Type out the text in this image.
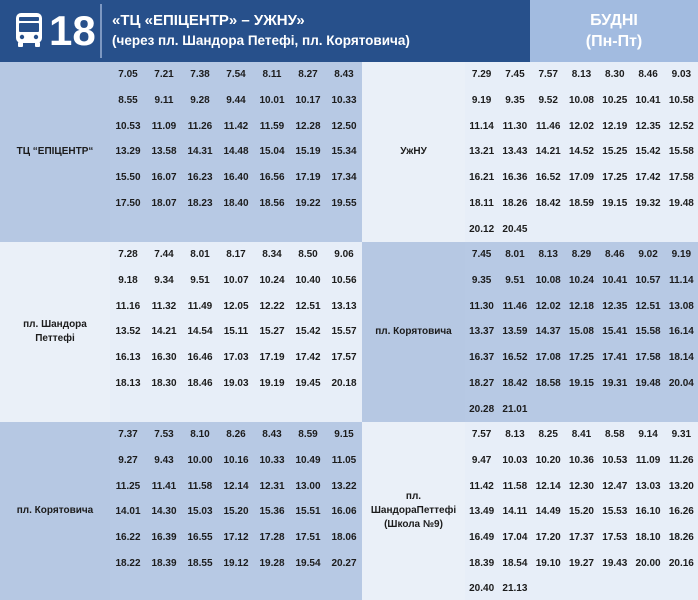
18 «ТЦ «ЕПІЦЕНТР» – УЖНУ»
(через пл. Шандора Петефі, пл. Корятовича)
БУДНІ
(Пн-Пт)
ТЦ “ЕПІЦЕНТР“
7.05	7.21	7.38	7.54	8.11	8.27	8.43
8.55	9.11	9.28	9.44	10.01	10.17	10.33
10.53	11.09	11.26	11.42	11.59	12.28	12.50
13.29	13.58	14.31	14.48	15.04	15.19	15.34
15.50	16.07	16.23	16.40	16.56	17.19	17.34
17.50	18.07	18.23	18.40	18.56	19.22	19.55
УжНУ
7.29	7.45	7.57	8.13	8.30	8.46	9.03
9.19	9.35	9.52	10.08 10.25 10.41 10.58
11.14 11.30 11.46 12.02 12.19 12.35 12.52
13.21 13.43 14.21 14.52 15.25 15.42 15.58
16.21 16.36 16.52 17.09 17.25 17.42 17.58
18.11 18.26 18.42 18.59 19.15 19.32 19.48
20.12 20.45
пл. Шандора Петтефі
7.28	7.44	8.01	8.17	8.34	8.50	9.06
9.18	9.34	9.51	10.07	10.24	10.40	10.56
11.16	11.32	11.49	12.05	12.22	12.51	13.13
13.52	14.21	14.54	15.11	15.27	15.42	15.57
16.13	16.30	16.46	17.03	17.19	17.42	17.57
18.13	18.30	18.46	19.03	19.19	19.45	20.18
пл. Корятовича
7.45	8.01	8.13	8.29	8.46	9.02	9.19
9.35	9.51	10.08 10.24 10.41 10.57 11.14
11.30 11.46 12.02 12.18 12.35 12.51 13.08
13.37 13.59 14.37 15.08 15.41 15.58 16.14
16.37 16.52 17.08 17.25 17.41 17.58 18.14
18.27 18.42 18.58 19.15 19.31 19.48 20.04
20.28 21.01
пл. Корятовича
7.37	7.53	8.10	8.26	8.43	8.59	9.15
9.27	9.43	10.00	10.16	10.33	10.49	11.05
11.25	11.41	11.58	12.14	12.31	13.00	13.22
14.01	14.30	15.03	15.20	15.36	15.51	16.06
16.22	16.39	16.55	17.12	17.28	17.51	18.06
18.22	18.39	18.55	19.12	19.28	19.54	20.27
пл. ШандораПеттефі (Школа №9)
7.57	8.13	8.25	8.41	8.58	9.14	9.31
9.47	10.03 10.20 10.36 10.53 11.09 11.26
11.42 11.58 12.14 12.30 12.47 13.03 13.20
13.49 14.11 14.49 15.20 15.53 16.10 16.26
16.49 17.04 17.20 17.37 17.53 18.10 18.26
18.39 18.54 19.10 19.27 19.43 20.00 20.16
20.40 21.13
